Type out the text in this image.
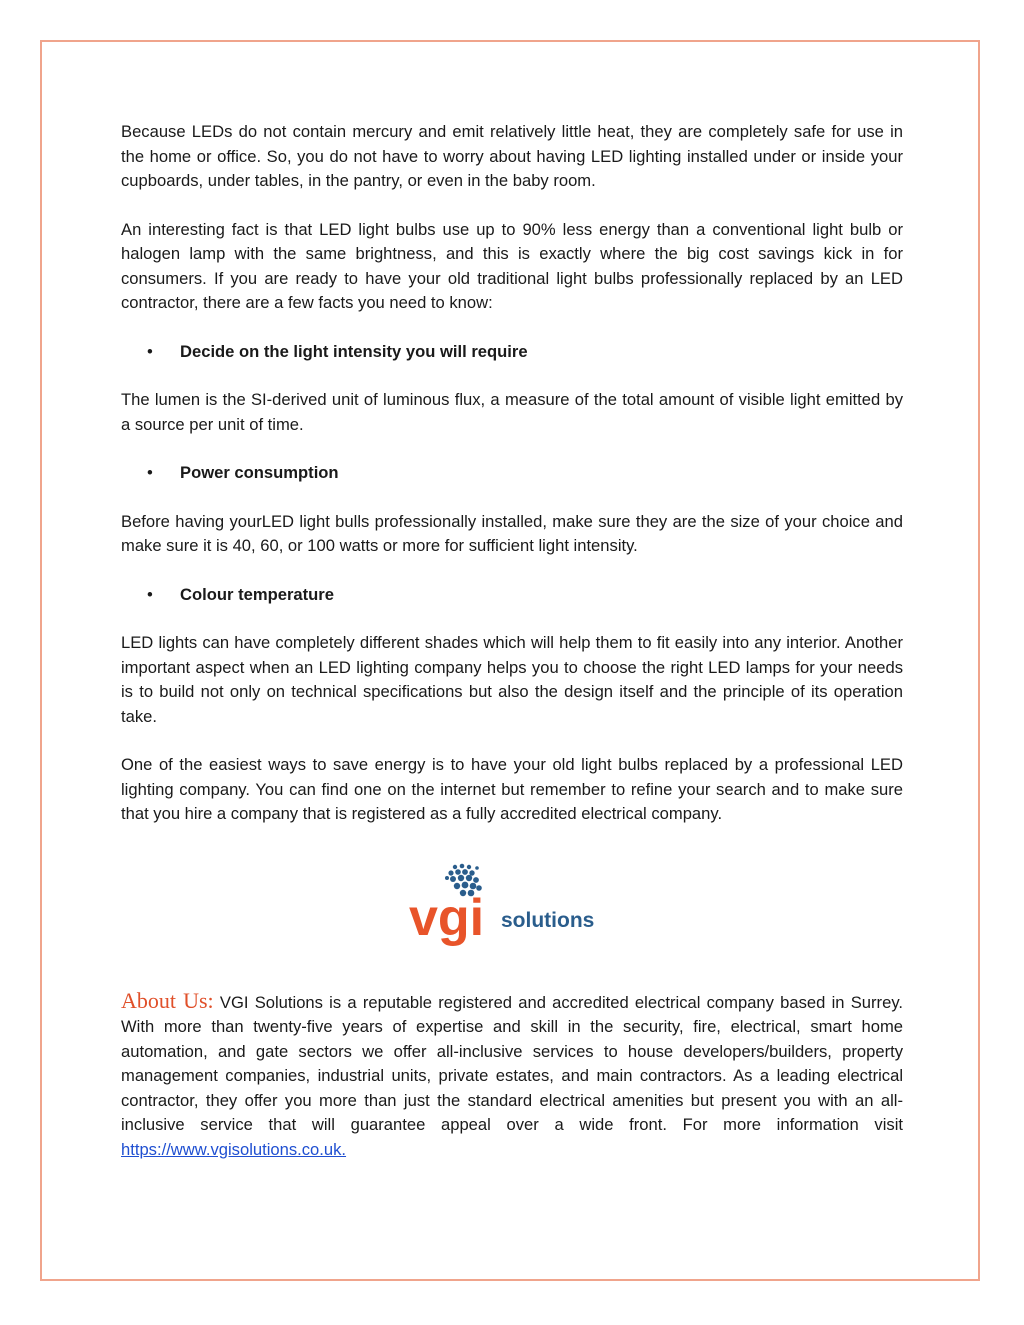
Because LEDs do not contain mercury and emit relatively little heat, they are completely safe for use in the home or office. So, you do not have to worry about having LED lighting installed under or inside your cupboards, under tables, in the pantry, or even in the baby room.

An interesting fact is that LED light bulbs use up to 90% less energy than a conventional light bulb or halogen lamp with the same brightness, and this is exactly where the big cost savings kick in for consumers. If you are ready to have your old traditional light bulbs professionally replaced by an LED contractor, there are a few facts you need to know:

• Decide on the light intensity you will require

The lumen is the SI-derived unit of luminous flux, a measure of the total amount of visible light emitted by a source per unit of time.

• Power consumption

Before having yourLED light bulls professionally installed, make sure they are the size of your choice and make sure it is 40, 60, or 100 watts or more for sufficient light intensity.

• Colour temperature

LED lights can have completely different shades which will help them to fit easily into any interior. Another important aspect when an LED lighting company helps you to choose the right LED lamps for your needs is to build not only on technical specifications but also the design itself and the principle of its operation take.

One of the easiest ways to save energy is to have your old light bulbs replaced by a professional LED lighting company. You can find one on the internet but remember to refine your search and to make sure that you hire a company that is registered as a fully accredited electrical company.

vgi solutions

About Us: VGI Solutions is a reputable registered and accredited electrical company based in Surrey. With more than twenty-five years of expertise and skill in the security, fire, electrical, smart home automation, and gate sectors we offer all-inclusive services to house developers/builders, property management companies, industrial units, private estates, and main contractors. As a leading electrical contractor, they offer you more than just the standard electrical amenities but present you with an all-inclusive service that will guarantee appeal over a wide front. For more information visit https://www.vgisolutions.co.uk.
